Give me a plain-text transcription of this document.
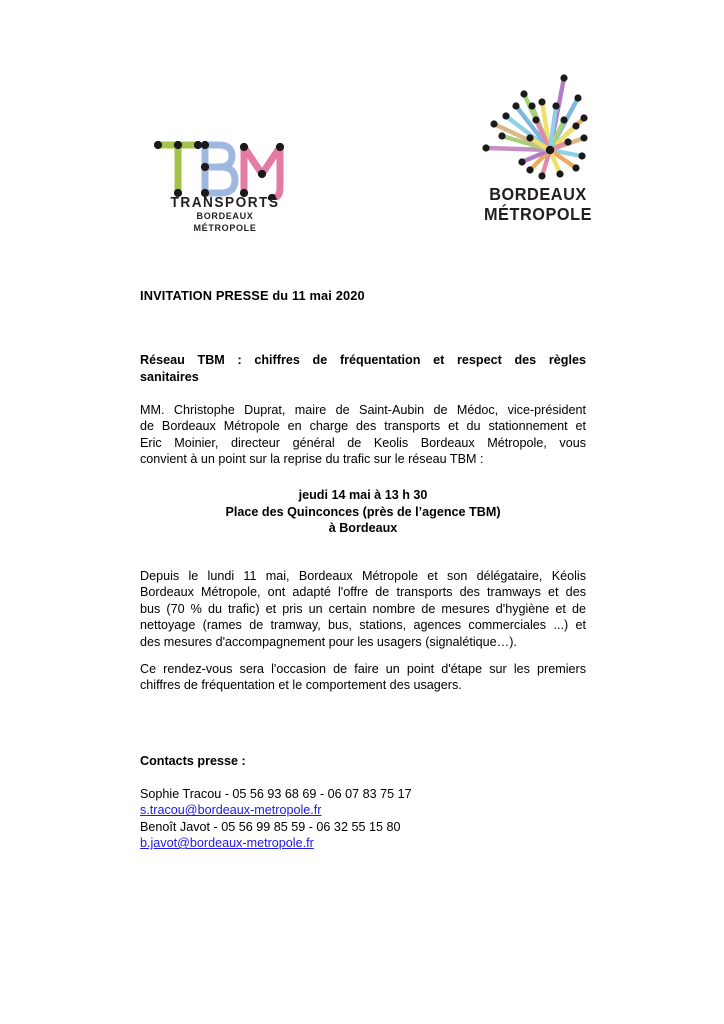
TRANSPORTS
BORDEAUX MÉTROPOLE
BORDEAUX
MÉTROPOLE
INVITATION PRESSE du 11 mai 2020
Réseau TBM : chiffres de fréquentation et respect des règles
sanitaires
MM. Christophe Duprat, maire de Saint-Aubin de Médoc, vice-président
de Bordeaux Métropole en charge des transports et du stationnement et
Eric Moinier, directeur général de Keolis Bordeaux Métropole, vous
convient à un point sur la reprise du trafic sur le réseau TBM :
jeudi 14 mai à 13 h 30
Place des Quinconces (près de l’agence TBM)
à Bordeaux
Depuis le lundi 11 mai, Bordeaux Métropole et son délégataire, Kéolis
Bordeaux Métropole, ont adapté l'offre de transports des tramways et des
bus (70 % du trafic) et pris un certain nombre de mesures d'hygiène et de
nettoyage (rames de tramway, bus, stations, agences commerciales ...) et
des mesures d'accompagnement pour les usagers (signalétique…).
Ce rendez-vous sera l'occasion de faire un point d'étape sur les premiers
chiffres de fréquentation et le comportement des usagers.
Contacts presse :
Sophie Tracou - 05 56 93 68 69 - 06 07 83 75 17
s.tracou@bordeaux-metropole.fr
Benoît Javot - 05 56 99 85 59 - 06 32 55 15 80
b.javot@bordeaux-metropole.fr
